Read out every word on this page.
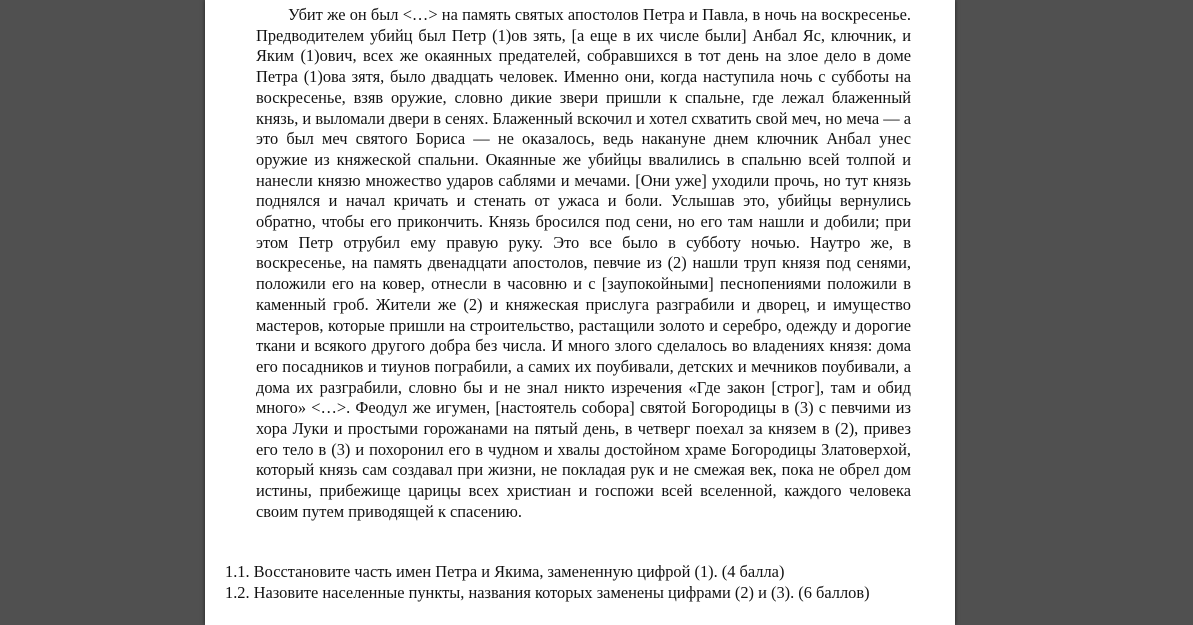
Убит же он был <…> на память святых апостолов Петра и Павла, в ночь на воскресенье. Предводителем убийц был Петр (1)ов зять, [а еще в их числе были] Анбал Яс, ключник, и Яким (1)ович, всех же окаянных предателей, собравшихся в тот день на злое дело в доме Петра (1)ова зятя, было двадцать человек. Именно они, когда наступила ночь с субботы на воскресенье, взяв оружие, словно дикие звери пришли к спальне, где лежал блаженный князь, и выломали двери в сенях. Блаженный вскочил и хотел схватить свой меч, но меча — а это был меч святого Бориса — не оказалось, ведь накануне днем ключник Анбал унес оружие из княжеской спальни. Окаянные же убийцы ввалились в спальню всей толпой и нанесли князю множество ударов саблями и мечами. [Они уже] уходили прочь, но тут князь поднялся и начал кричать и стенать от ужаса и боли. Услышав это, убийцы вернулись обратно, чтобы его прикончить. Князь бросился под сени, но его там нашли и добили; при этом Петр отрубил ему правую руку. Это все было в субботу ночью. Наутро же, в воскресенье, на память двенадцати апостолов, певчие из (2) нашли труп князя под сенями, положили его на ковер, отнесли в часовню и с [заупокойными] песнопениями положили в каменный гроб. Жители же (2) и княжеская прислуга разграбили и дворец, и имущество мастеров, которые пришли на строительство, растащили золото и серебро, одежду и дорогие ткани и всякого другого добра без числа. И много злого сделалось во владениях князя: дома его посадников и тиунов пограбили, а самих их поубивали, детских и мечников поубивали, а дома их разграбили, словно бы и не знал никто изречения «Где закон [строг], там и обид много» <…>. Феодул же игумен, [настоятель собора] святой Богородицы в (3) с певчими из хора Луки и простыми горожанами на пятый день, в четверг поехал за князем в (2), привез его тело в (3) и похоронил его в чудном и хвалы достойном храме Богородицы Златоверхой, который князь сам создавал при жизни, не покладая рук и не смежая век, пока не обрел дом истины, прибежище царицы всех христиан и госпожи всей вселенной, каждого человека своим путем приводящей к спасению.

1.1. Восстановите часть имен Петра и Якима, замененную цифрой (1). (4 балла)

1.2. Назовите населенные пункты, названия которых заменены цифрами (2) и (3). (6 баллов)
